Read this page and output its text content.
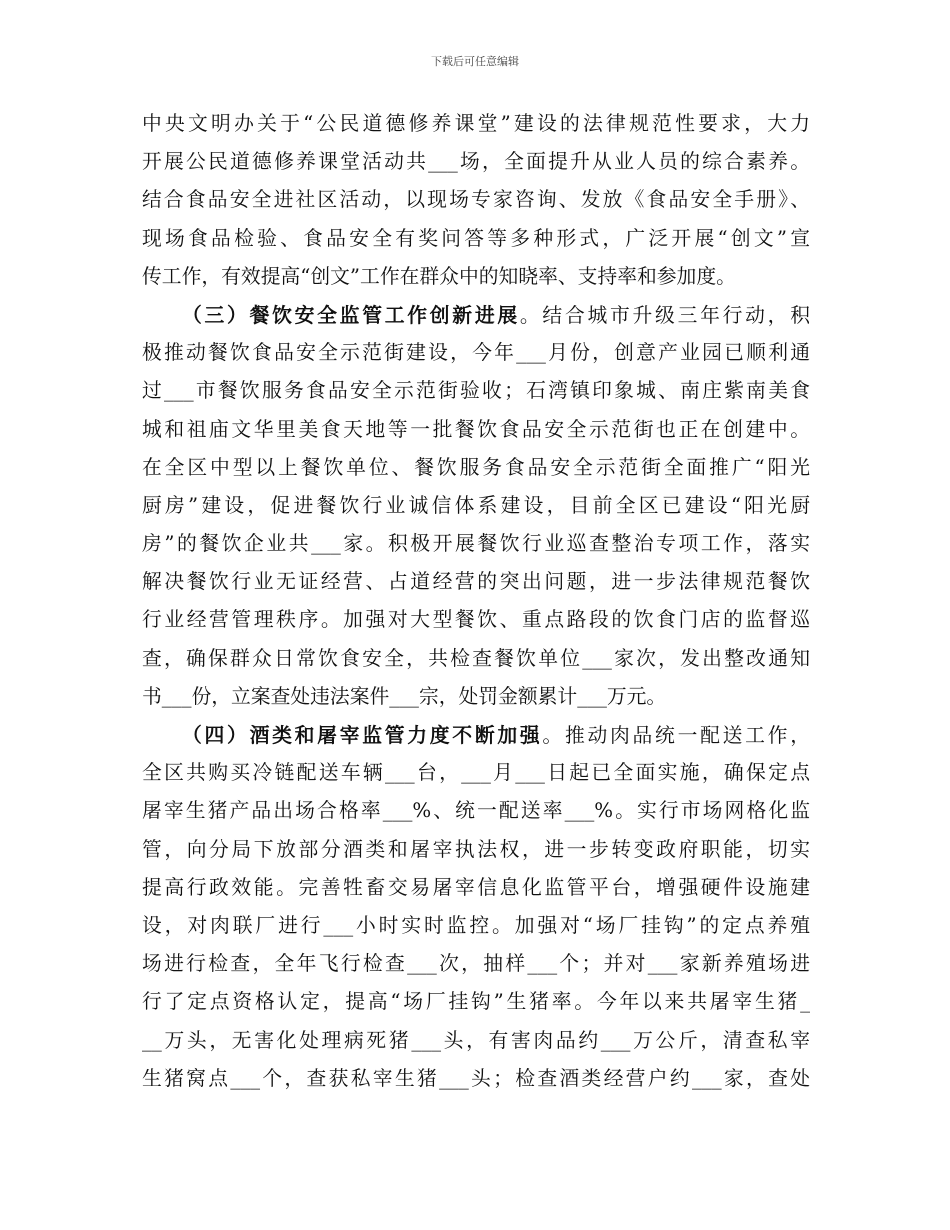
下载后可任意编辑
中央文明办关于“公民道德修养课堂”建设的法律规范性要求，大力
开展公民道德修养课堂活动共___场，全面提升从业人员的综合素养。
结合食品安全进社区活动，以现场专家咨询、发放《食品安全手册》、
现场食品检验、食品安全有奖问答等多种形式，广泛开展“创文”宣
传工作，有效提高“创文”工作在群众中的知晓率、支持率和参加度。
（三）餐饮安全监管工作创新进展。结合城市升级三年行动，积
极推动餐饮食品安全示范街建设，今年___月份，创意产业园已顺利通
过___市餐饮服务食品安全示范街验收；石湾镇印象城、南庄紫南美食
城和祖庙文华里美食天地等一批餐饮食品安全示范街也正在创建中。
在全区中型以上餐饮单位、餐饮服务食品安全示范街全面推广“阳光
厨房”建设，促进餐饮行业诚信体系建设，目前全区已建设“阳光厨
房”的餐饮企业共___家。积极开展餐饮行业巡查整治专项工作，落实
解决餐饮行业无证经营、占道经营的突出问题，进一步法律规范餐饮
行业经营管理秩序。加强对大型餐饮、重点路段的饮食门店的监督巡
查，确保群众日常饮食安全，共检查餐饮单位___家次，发出整改通知
书___份，立案查处违法案件___宗，处罚金额累计___万元。
（四）酒类和屠宰监管力度不断加强。推动肉品统一配送工作，
全区共购买冷链配送车辆___台，___月___日起已全面实施，确保定点
屠宰生猪产品出场合格率___%、统一配送率___%。实行市场网格化监
管，向分局下放部分酒类和屠宰执法权，进一步转变政府职能，切实
提高行政效能。完善牲畜交易屠宰信息化监管平台，增强硬件设施建
设，对肉联厂进行___小时实时监控。加强对“场厂挂钩”的定点养殖
场进行检查，全年飞行检查___次，抽样___个；并对___家新养殖场进
行了定点资格认定，提高“场厂挂钩”生猪率。今年以来共屠宰生猪_
__万头，无害化处理病死猪___头，有害肉品约___万公斤，清查私宰
生猪窝点___个，查获私宰生猪___头；检查酒类经营户约___家，查处
